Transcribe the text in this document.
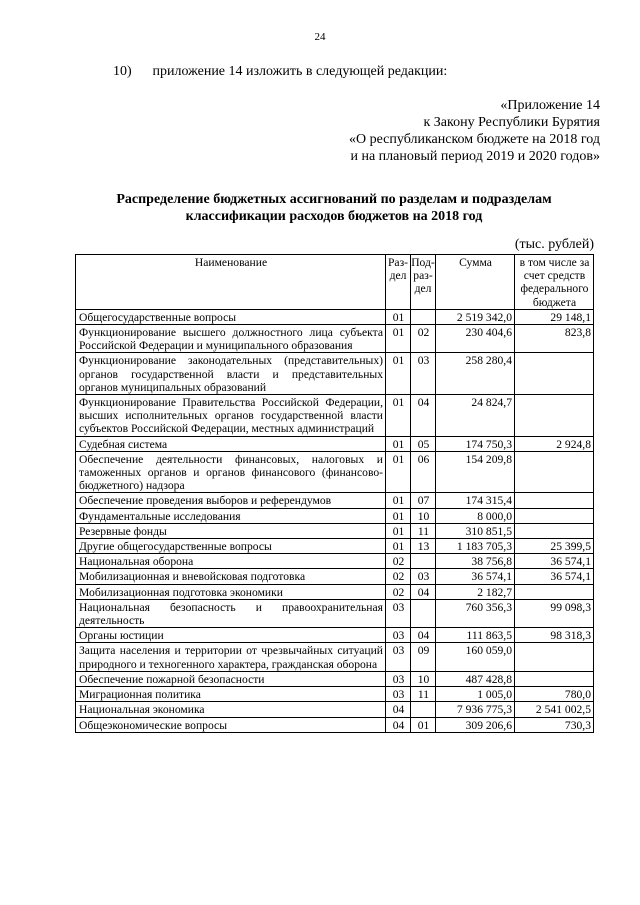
24
10) приложение 14 изложить в следующей редакции:
«Приложение 14
к Закону Республики Бурятия
«О республиканском бюджете на 2018 год
и на плановый период 2019 и 2020 годов»
Распределение бюджетных ассигнований по разделам и подразделам
классификации расходов бюджетов на 2018 год
(тыс. рублей)
Наименование	Раз-дел	Под-раз-дел	Сумма	в том числе за счет средств федерального бюджета
Общегосударственные вопросы	01		2 519 342,0	29 148,1
Функционирование высшего должностного лица субъекта Российской Федерации и муниципального образования	01	02	230 404,6	823,8
Функционирование законодательных (представительных) органов государственной власти и представительных органов муниципальных образований	01	03	258 280,4	
Функционирование Правительства Российской Федерации, высших исполнительных органов государственной власти субъектов Российской Федерации, местных администраций	01	04	24 824,7	
Судебная система	01	05	174 750,3	2 924,8
Обеспечение деятельности финансовых, налоговых и таможенных органов и органов финансового (финансово-бюджетного) надзора	01	06	154 209,8	
Обеспечение проведения выборов и референдумов	01	07	174 315,4	
Фундаментальные исследования	01	10	8 000,0	
Резервные фонды	01	11	310 851,5	
Другие общегосударственные вопросы	01	13	1 183 705,3	25 399,5
Национальная оборона	02		38 756,8	36 574,1
Мобилизационная и вневойсковая подготовка	02	03	36 574,1	36 574,1
Мобилизационная подготовка экономики	02	04	2 182,7	
Национальная безопасность и правоохранительная деятельность	03		760 356,3	99 098,3
Органы юстиции	03	04	111 863,5	98 318,3
Защита населения и территории от чрезвычайных ситуаций природного и техногенного характера, гражданская оборона	03	09	160 059,0	
Обеспечение пожарной безопасности	03	10	487 428,8	
Миграционная политика	03	11	1 005,0	780,0
Национальная экономика	04		7 936 775,3	2 541 002,5
Общеэкономические вопросы	04	01	309 206,6	730,3
